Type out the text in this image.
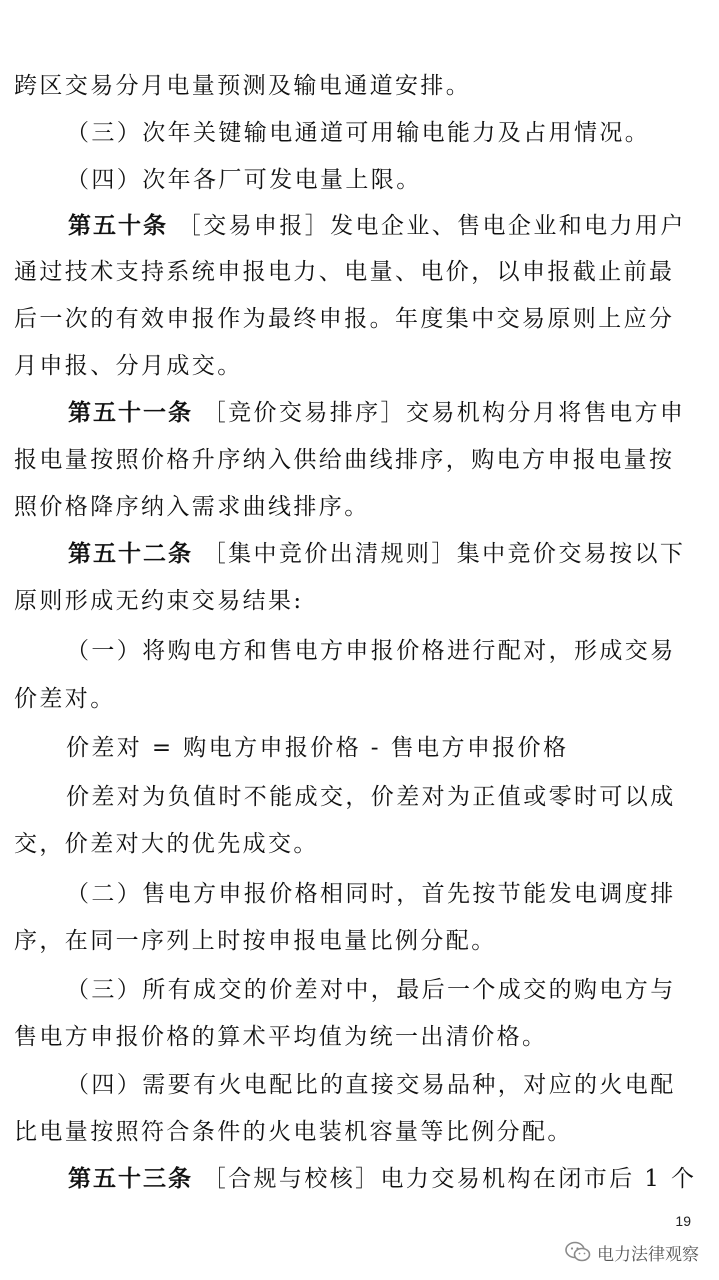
跨区交易分月电量预测及输电通道安排。
（三）次年关键输电通道可用输电能力及占用情况。
（四）次年各厂可发电量上限。
第五十条 ［交易申报］发电企业、售电企业和电力用户
通过技术支持系统申报电力、电量、电价，以申报截止前最
后一次的有效申报作为最终申报。年度集中交易原则上应分
月申报、分月成交。
第五十一条 ［竞价交易排序］交易机构分月将售电方申
报电量按照价格升序纳入供给曲线排序，购电方申报电量按
照价格降序纳入需求曲线排序。
第五十二条 ［集中竞价出清规则］集中竞价交易按以下
原则形成无约束交易结果:
（一）将购电方和售电方申报价格进行配对，形成交易
价差对。
价差对 = 购电方申报价格 - 售电方申报价格
价差对为负值时不能成交，价差对为正值或零时可以成
交，价差对大的优先成交。
（二）售电方申报价格相同时，首先按节能发电调度排
序，在同一序列上时按申报电量比例分配。
（三）所有成交的价差对中，最后一个成交的购电方与
售电方申报价格的算术平均值为统一出清价格。
（四）需要有火电配比的直接交易品种，对应的火电配
比电量按照符合条件的火电装机容量等比例分配。
第五十三条 ［合规与校核］电力交易机构在闭市后 1 个
19
电力法律观察
